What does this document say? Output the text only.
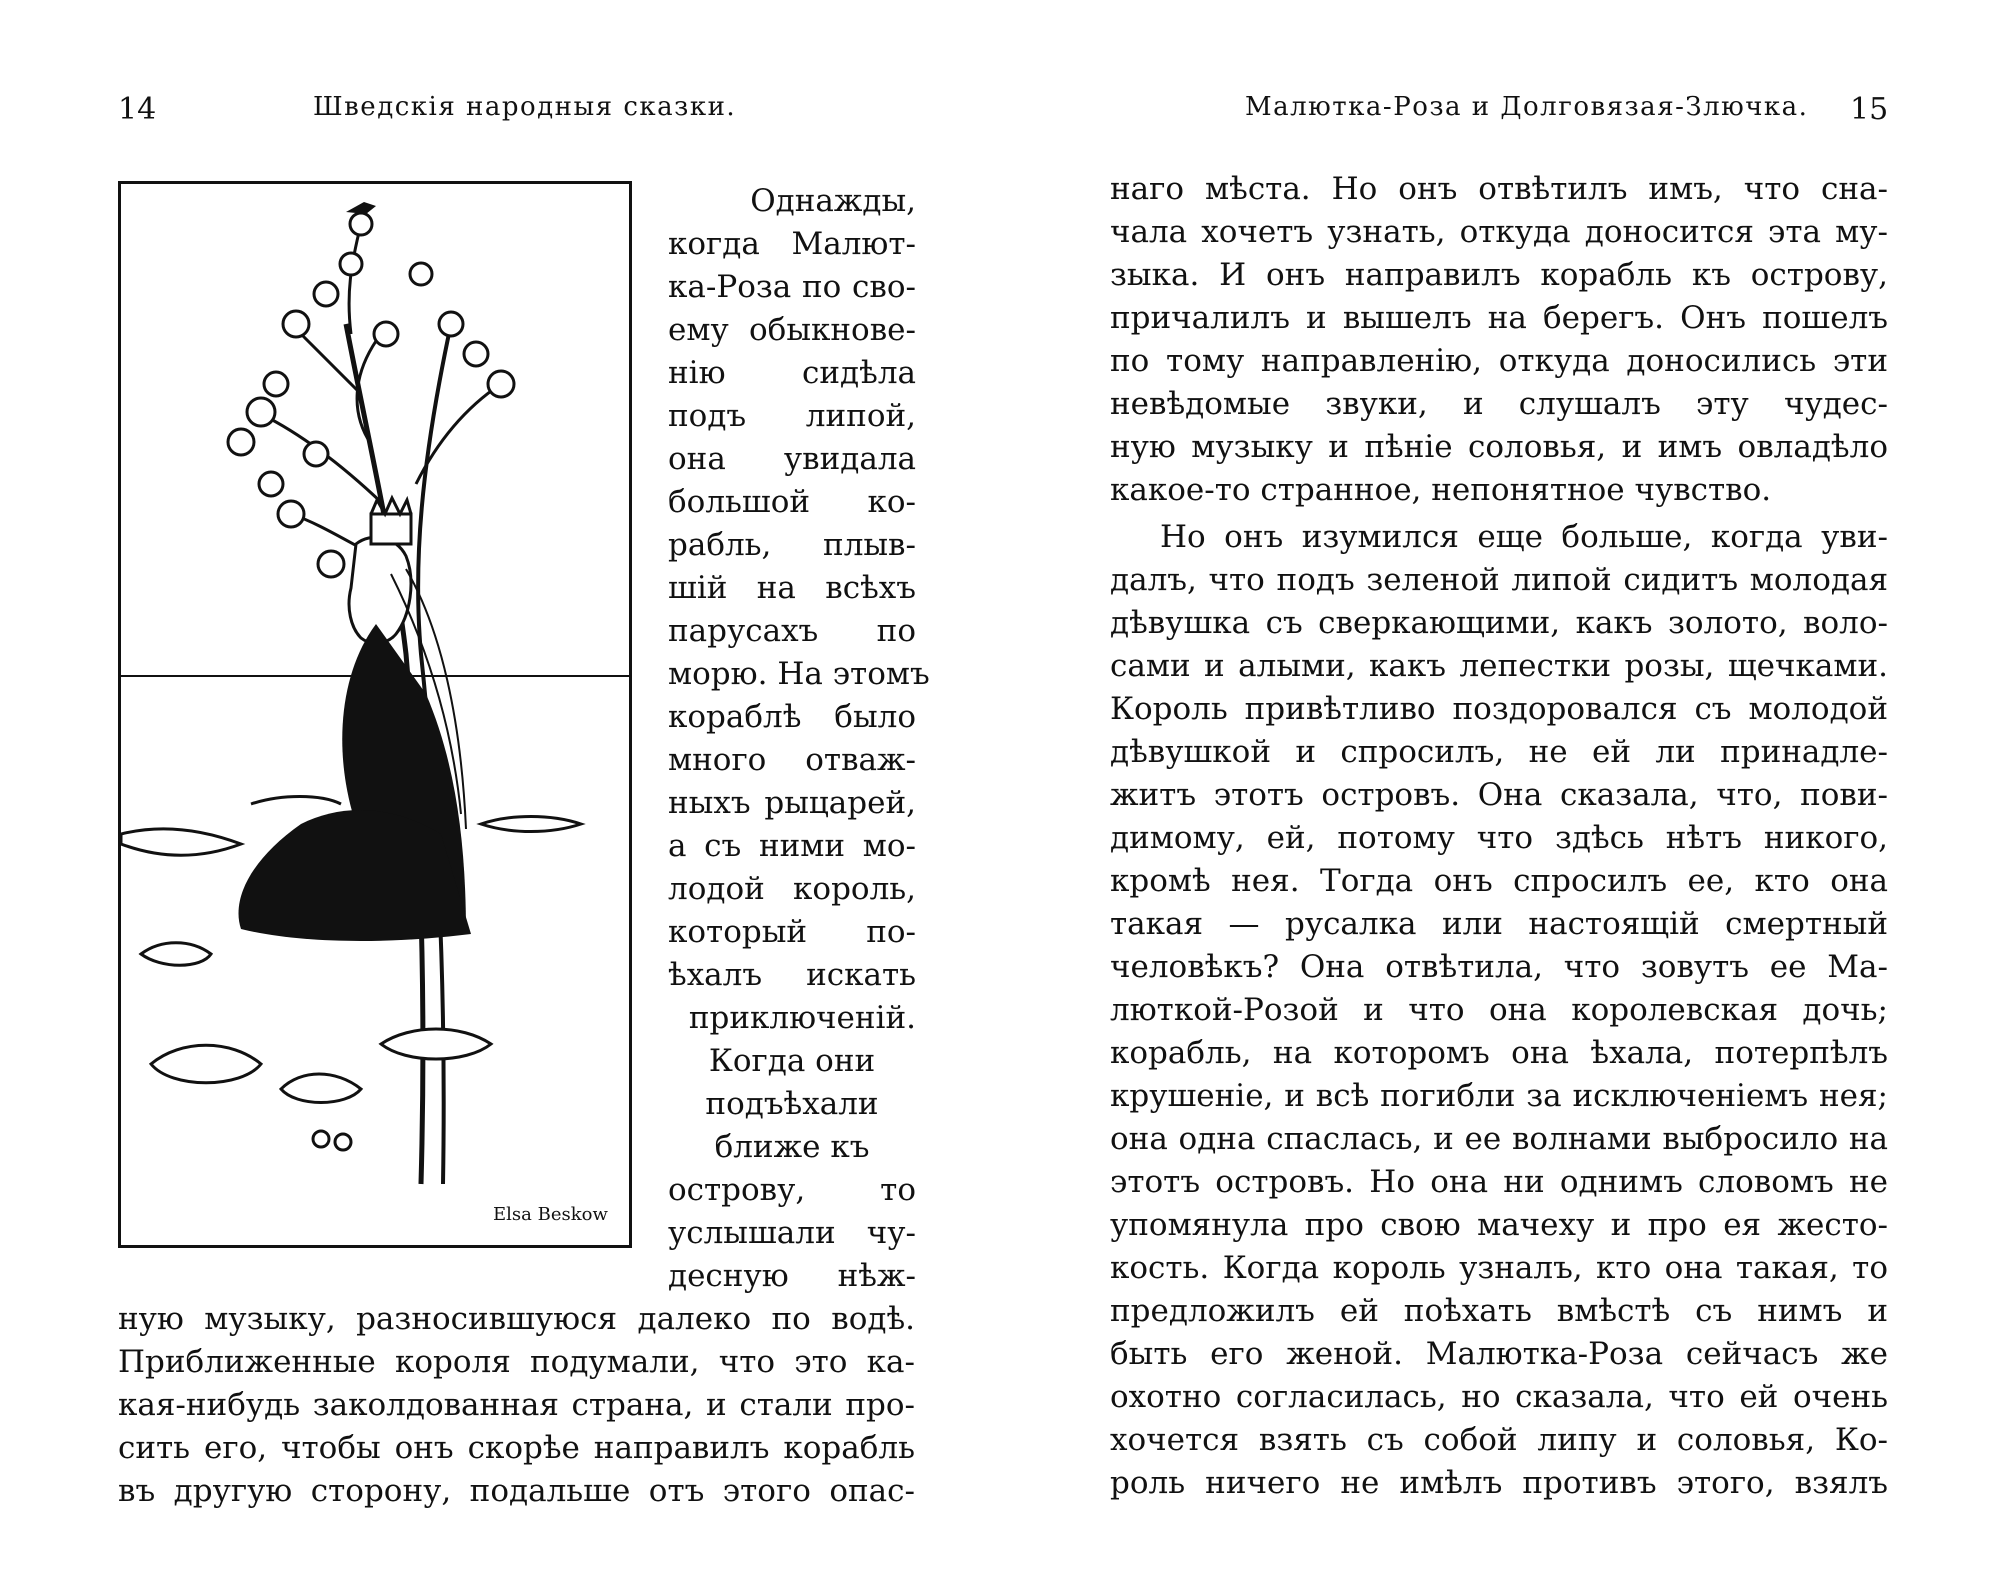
14	Шведскiя народныя сказки.
Elsa Beskow
Однажды,
когда Малют-
ка-Роза по сво-
ему обыкнове-
нiю сидѣла
подъ липой,
она увидала
большой ко-
рабль, плыв-
шiй на всѣхъ
парусахъ по
морю. На этомъ
кораблѣ было
много отваж-
ныхъ рыцарей,
а съ ними мо-
лодой король,
который по-
ѣхалъ искать
приключенiй.
Когда они
подъѣхали
ближе къ
острову, то
услышали чу-
десную нѣж-
ную музыку, разносившуюся далеко по водѣ.
Приближенные короля подумали, что это ка-
кая-нибудь заколдованная страна, и стали про-
сить его, чтобы онъ скорѣе направилъ корабль
въ другую сторону, подальше отъ этого опас-
Малютка-Роза и Долговязая-Злючка. 15
наго мѣста. Но онъ отвѣтилъ имъ, что сна-
чала хочетъ узнать, откуда доносится эта му-
зыка. И онъ направилъ корабль къ острову,
причалилъ и вышелъ на берегъ. Онъ пошелъ
по тому направленiю, откуда доносились эти
невѣдомые звуки, и слушалъ эту чудес-
ную музыку и пѣнiе соловья, и имъ овладѣло
какое-то странное, непонятное чувство.
Но онъ изумился еще больше, когда уви-
далъ, что подъ зеленой липой сидитъ молодая
дѣвушка съ сверкающими, какъ золото, воло-
сами и алыми, какъ лепестки розы, щечками.
Король привѣтливо поздоровался съ молодой
дѣвушкой и спросилъ, не ей ли принадле-
житъ этотъ островъ. Она сказала, что, пови-
димому, ей, потому что здѣсь нѣтъ никого,
кромѣ нея. Тогда онъ спросилъ ее, кто она
такая — русалка или настоящiй смертный
человѣкъ? Она отвѣтила, что зовутъ ее Ма-
люткой-Розой и что она королевская дочь;
корабль, на которомъ она ѣхала, потерпѣлъ
крушенiе, и всѣ погибли за исключенiемъ нея;
она одна спаслась, и ее волнами выбросило на
этотъ островъ. Но она ни однимъ словомъ не
упомянула про свою мачеху и про ея жесто-
кость. Когда король узналъ, кто она такая, то
предложилъ ей поѣхать вмѣстѣ съ нимъ и
быть его женой. Малютка-Роза сейчасъ же
охотно согласилась, но сказала, что ей очень
хочется взять съ собой липу и соловья, Ко-
роль ничего не имѣлъ противъ этого, взялъ
